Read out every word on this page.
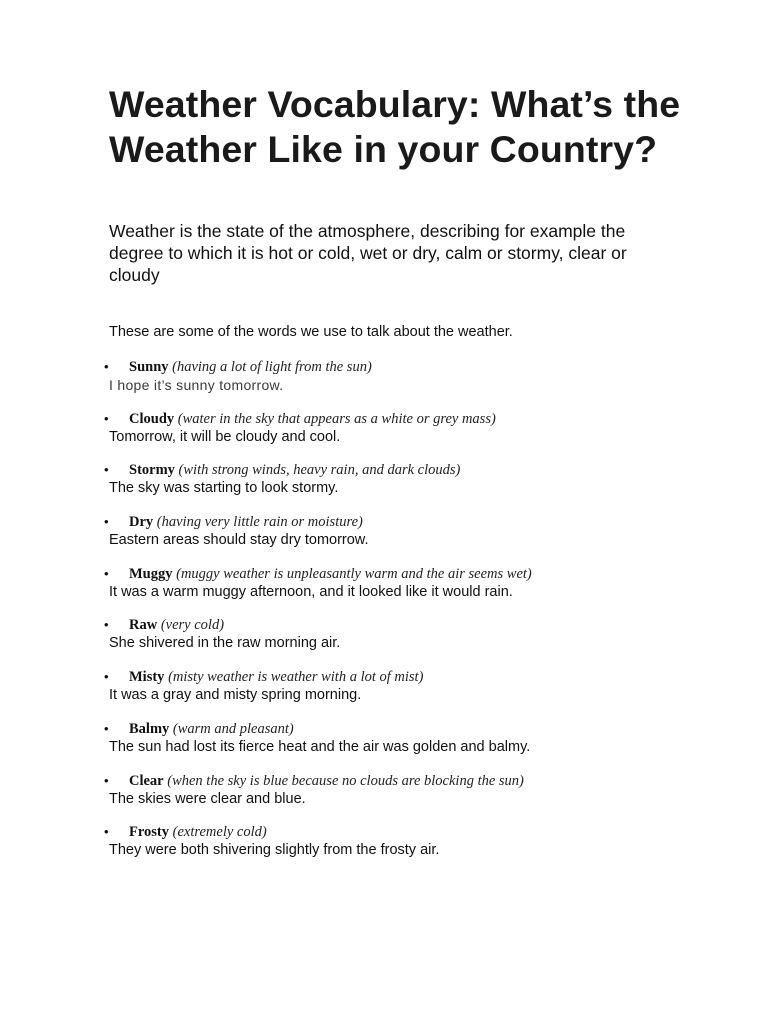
Weather Vocabulary: What’s the Weather Like in your Country?

Weather is the state of the atmosphere, describing for example the degree to which it is hot or cold, wet or dry, calm or stormy, clear or cloudy

These are some of the words we use to talk about the weather.

• Sunny (having a lot of light from the sun)
I hope it’s sunny tomorrow.
• Cloudy (water in the sky that appears as a white or grey mass)
Tomorrow, it will be cloudy and cool.
• Stormy (with strong winds, heavy rain, and dark clouds)
The sky was starting to look stormy.
• Dry (having very little rain or moisture)
Eastern areas should stay dry tomorrow.
• Muggy (muggy weather is unpleasantly warm and the air seems wet)
It was a warm muggy afternoon, and it looked like it would rain.
• Raw (very cold)
She shivered in the raw morning air.
• Misty (misty weather is weather with a lot of mist)
It was a gray and misty spring morning.
• Balmy (warm and pleasant)
The sun had lost its fierce heat and the air was golden and balmy.
• Clear (when the sky is blue because no clouds are blocking the sun)
The skies were clear and blue.
• Frosty (extremely cold)
They were both shivering slightly from the frosty air.
